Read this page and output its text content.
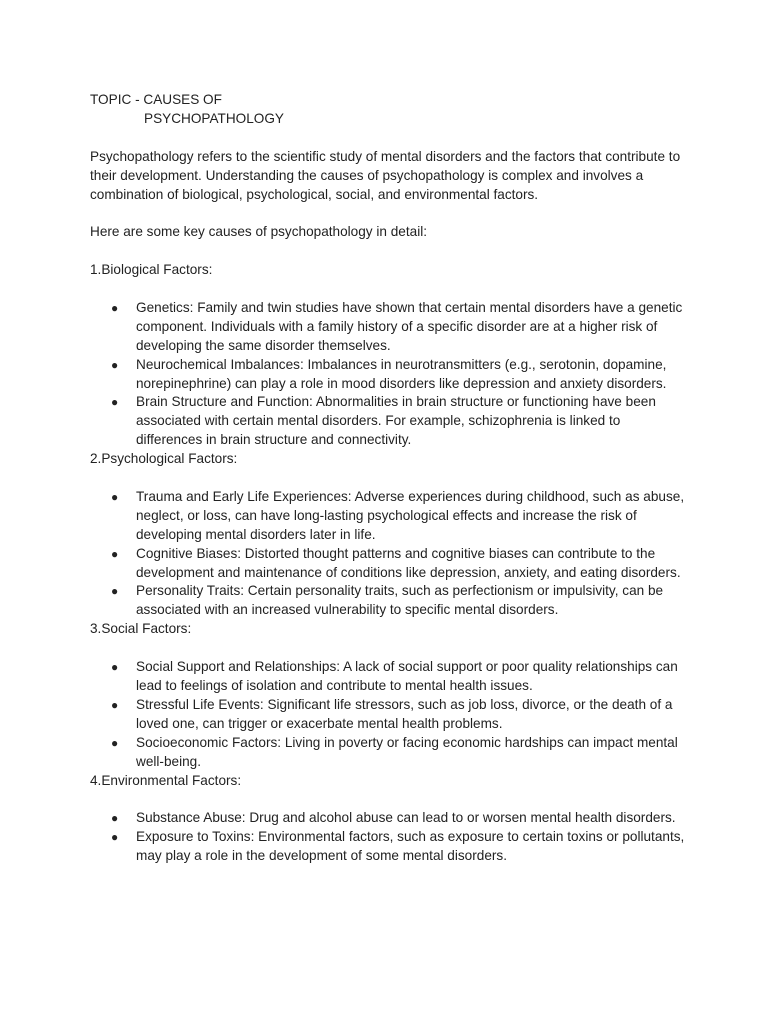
TOPIC - CAUSES OF

PSYCHOPATHOLOGY

Psychopathology refers to the scientific study of mental disorders and the factors that contribute to their development. Understanding the causes of psychopathology is complex and involves a combination of biological, psychological, social, and environmental factors.

Here are some key causes of psychopathology in detail:

1.Biological Factors:

● Genetics: Family and twin studies have shown that certain mental disorders have a genetic component. Individuals with a family history of a specific disorder are at a higher risk of developing the same disorder themselves.
● Neurochemical Imbalances: Imbalances in neurotransmitters (e.g., serotonin, dopamine, norepinephrine) can play a role in mood disorders like depression and anxiety disorders.
● Brain Structure and Function: Abnormalities in brain structure or functioning have been associated with certain mental disorders. For example, schizophrenia is linked to differences in brain structure and connectivity.

2.Psychological Factors:

● Trauma and Early Life Experiences: Adverse experiences during childhood, such as abuse, neglect, or loss, can have long-lasting psychological effects and increase the risk of developing mental disorders later in life.
● Cognitive Biases: Distorted thought patterns and cognitive biases can contribute to the development and maintenance of conditions like depression, anxiety, and eating disorders.
● Personality Traits: Certain personality traits, such as perfectionism or impulsivity, can be associated with an increased vulnerability to specific mental disorders.

3.Social Factors:

● Social Support and Relationships: A lack of social support or poor quality relationships can lead to feelings of isolation and contribute to mental health issues.
● Stressful Life Events: Significant life stressors, such as job loss, divorce, or the death of a loved one, can trigger or exacerbate mental health problems.
● Socioeconomic Factors: Living in poverty or facing economic hardships can impact mental well-being.

4.Environmental Factors:

● Substance Abuse: Drug and alcohol abuse can lead to or worsen mental health disorders.
● Exposure to Toxins: Environmental factors, such as exposure to certain toxins or pollutants, may play a role in the development of some mental disorders.
